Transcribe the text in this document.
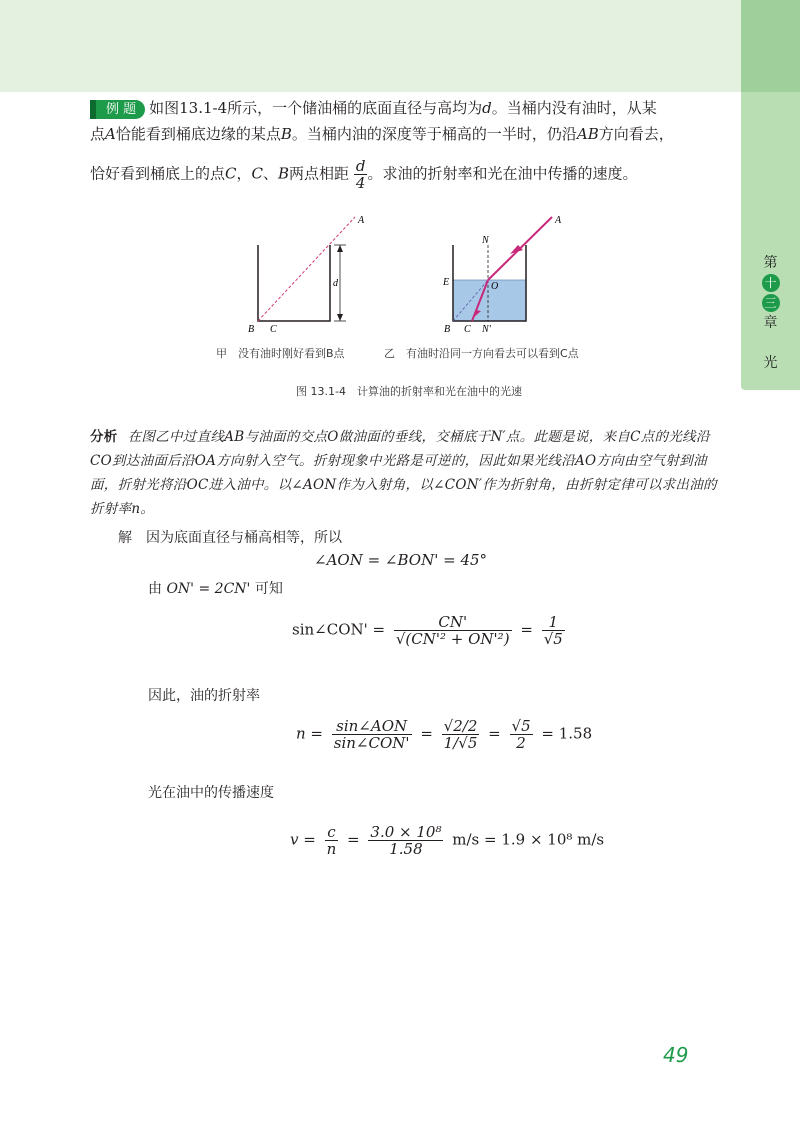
第
十
三
章
光
例 题 如图13.1-4所示，一个储油桶的底面直径与高均为d。当桶内没有油时，从某
点A恰能看到桶底边缘的某点B。当桶内油的深度等于桶高的一半时，仍沿AB方向看去，
恰好看到桶底上的点C，C、B两点相距 $\frac{d}{4}$ 。求油的折射率和光在油中传播的速度。
A
d
B C
A
N
O
E
B C N'
甲　没有油时刚好看到B点	乙　有油时沿同一方向看去可以看到C点
图 13.1-4　计算油的折射率和光在油中的光速
分析 在图乙中过直线AB与油面的交点O做油面的垂线，交桶底于N′点。此题是说，来自C点的光线沿CO到达油面后沿OA方向射入空气。折射现象中光路是可逆的，因此如果光线沿AO方向由空气射到油面，折射光将沿OC进入油中。以∠AON作为入射角，以∠CON′作为折射角，由折射定律可以求出油的折射率n。
解 因为底面直径与桶高相等，所以
∠AON = ∠BON' = 45°
由 ON' = 2CN' 可知
sin∠CON' = $\frac{CN'}{\text{√(CN'² + ON'²)}} = \frac{1}{√5}$
因此，油的折射率
$n = \frac{\text{sin∠AON}}{\text{sin∠CON'}} = \frac{√2/2}{1/√5} = \frac{√5}{2} = 1.58$
光在油中的传播速度
$v = \frac{c}{n} = \frac{\text{3.0 × 10⁸}}{1.58} m/s = 1.9 \times 10^8$ m/s
49
